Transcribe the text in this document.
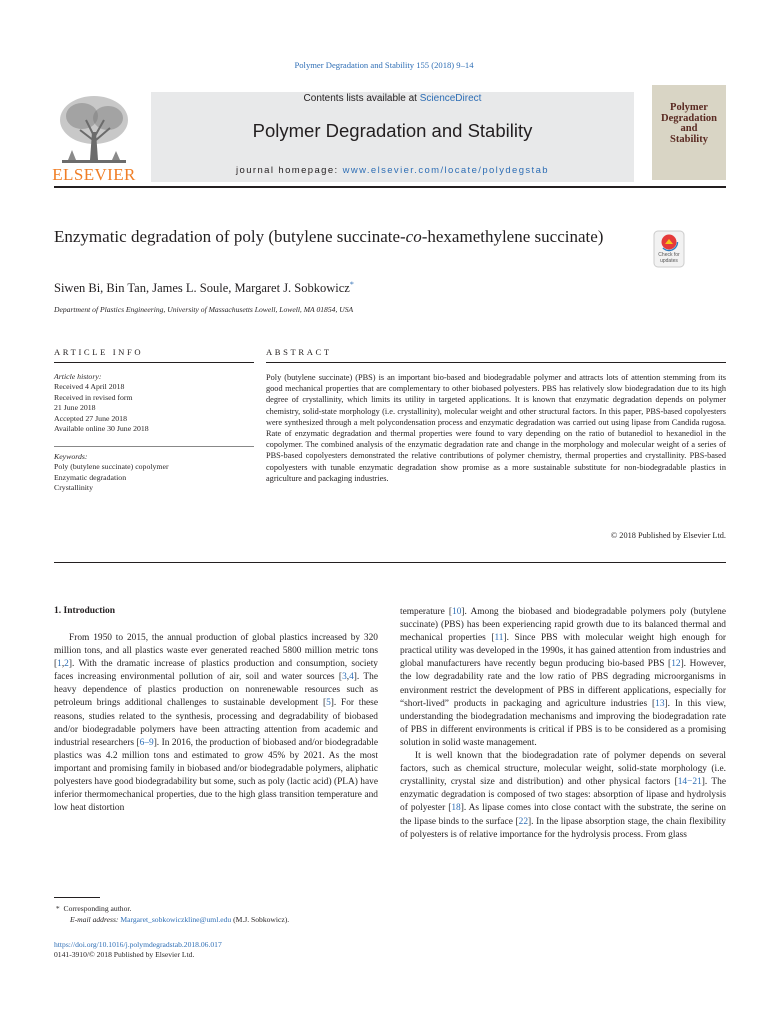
Polymer Degradation and Stability 155 (2018) 9–14
Contents lists available at ScienceDirect
Polymer Degradation and Stability
journal homepage: www.elsevier.com/locate/polydegstab
ELSEVIER
Polymer
Degradation
and
Stability
Enzymatic degradation of poly (butylene succinate-co-hexamethylene succinate)
Check for
updates
Siwen Bi, Bin Tan, James L. Soule, Margaret J. Sobkowicz*
Department of Plastics Engineering, University of Massachusetts Lowell, Lowell, MA 01854, USA
ARTICLE INFO
Article history:
Received 4 April 2018
Received in revised form
21 June 2018
Accepted 27 June 2018
Available online 30 June 2018
Keywords:
Poly (butylene succinate) copolymer
Enzymatic degradation
Crystallinity
ABSTRACT
Poly (butylene succinate) (PBS) is an important bio-based and biodegradable polymer and attracts lots of attention stemming from its good mechanical properties that are complementary to other biobased polyesters. PBS has relatively slow biodegradation due to its high degree of crystallinity, which limits its utility in targeted applications. It is known that enzymatic degradation depends on polymer chemistry, solid-state morphology (i.e. crystallinity), molecular weight and other structural factors. In this paper, PBS-based copolyesters were synthesized through a melt polycondensation process and enzymatic degradation was carried out using lipase from Candida rugosa. Rate of enzymatic degradation and thermal properties were found to vary depending on the ratio of butanediol to hexanediol in the copolymer. The combined analysis of the enzymatic degradation rate and change in the morphology and molecular weight of a series of PBS-based copolyesters demonstrated the relative contributions of polymer chemistry, thermal properties and crystallinity. PBS-based copolyesters with tunable enzymatic degradation show promise as a more sustainable substitute for non-biodegradable plastics in agriculture and packaging industries.
© 2018 Published by Elsevier Ltd.
1. Introduction

From 1950 to 2015, the annual production of global plastics increased by 320 million tons, and all plastics waste ever generated reached 5800 million metric tons [1,2]. With the dramatic increase of plastics production and consumption, society faces increasing environmental pollution of air, soil and water sources [3,4]. The heavy dependence of plastics production on nonrenewable resources such as petroleum brings additional challenges to sustainable development [5]. For these reasons, studies related to the synthesis, processing and degradability of biobased and/or biodegradable polymers have been attracting attention from academic and industrial researchers [6–9]. In 2016, the production of biobased and/or biodegradable plastics was 4.2 million tons and estimated to grow 45% by 2021. As the most important and promising family in biobased and/or biodegradable polymers, aliphatic polyesters have good biodegradability but some, such as poly (lactic acid) (PLA) have inferior thermomechanical properties, due to the high glass transition temperature and low heat distortion

temperature [10]. Among the biobased and biodegradable polymers poly (butylene succinate) (PBS) has been experiencing rapid growth due to its balanced thermal and mechanical properties [11]. Since PBS with molecular weight high enough for practical utility was developed in the 1990s, it has gained attention from industries and global manufacturers have recently begun producing bio-based PBS [12]. However, the low degradability rate and the low ratio of PBS degrading microorganisms in environment restrict the development of PBS in different applications, especially for “short-lived” products in packaging and agriculture industries [13]. In this view, understanding the biodegradation mechanisms and improving the biodegradation rate of PBS in different environments is critical if PBS is to be considered as a promising solution in solid waste management.

It is well known that the biodegradation rate of polymer depends on several factors, such as chemical structure, molecular weight, solid-state morphology (i.e. crystallinity, crystal size and distribution) and other physical factors [14−21]. The enzymatic degradation is composed of two stages: absorption of lipase and hydrolysis of polyester [18]. As lipase comes into close contact with the substrate, the serine on the lipase binds to the surface [22]. In the lipase absorption stage, the chain flexibility of polyesters is of relative importance for the hydrolysis process. From glass

* Corresponding author.
E-mail address: Margaret_sobkowiczkline@uml.edu (M.J. Sobkowicz).
https://doi.org/10.1016/j.polymdegradstab.2018.06.017
0141-3910/© 2018 Published by Elsevier Ltd.
